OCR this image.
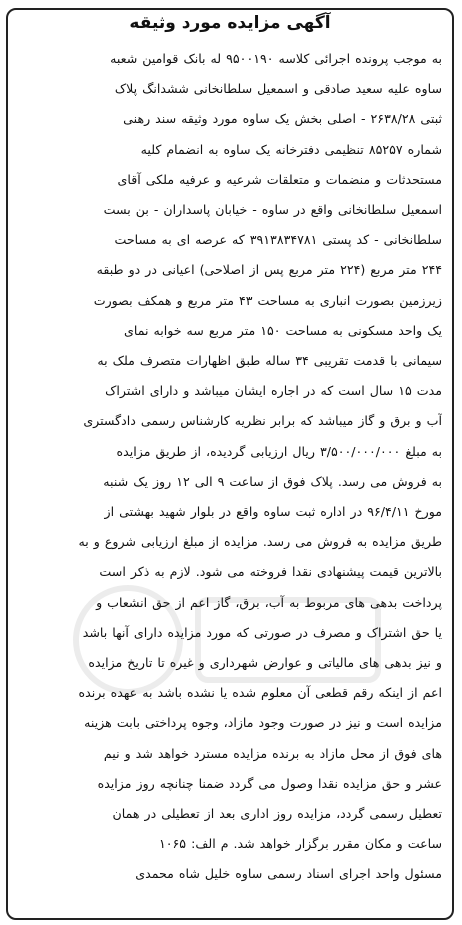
آگهی مزایده مورد وثیقه
به موجب پرونده اجرائی کلاسه ۹۵۰۰۱۹۰ له بانک قوامین شعبه
ساوه علیه سعید صادقی و اسمعیل سلطانخانی ششدانگ پلاک
ثبتی ۲۶۳۸/۲۸ - اصلی بخش یک ساوه مورد وثیقه سند رهنی
شماره ۸۵۲۵۷ تنظیمی دفترخانه یک ساوه به انضمام کلیه
مستحدثات و منضمات و متعلقات شرعیه و عرفیه ملکی آقای
اسمعیل سلطانخانی واقع در ساوه - خیابان پاسداران - بن بست
سلطانخانی - کد پستی ۳۹۱۳۸۳۴۷۸۱ که عرصه ای به مساحت
۲۴۴ متر مربع (۲۲۴ متر مربع پس از اصلاحی) اعیانی در دو طبقه
زیرزمین بصورت انباری به مساحت ۴۳ متر مربع و همکف بصورت
یک واحد مسکونی به مساحت ۱۵۰ متر مربع سه خوابه نمای
سیمانی با قدمت تقریبی ۳۴ ساله طبق اظهارات متصرف ملک به
مدت ۱۵ سال است که در اجاره ایشان میباشد و دارای اشتراک
آب و برق و گاز میباشد که برابر نظریه کارشناس رسمی دادگستری
به مبلغ ۳/۵۰۰/۰۰۰/۰۰۰ ریال ارزیابی گردیده، از طریق مزایده
به فروش می رسد. پلاک فوق از ساعت ۹ الی ۱۲ روز یک شنبه
مورخ ۹۶/۴/۱۱ در اداره ثبت ساوه واقع در بلوار شهید بهشتی از
طریق مزایده به فروش می رسد. مزایده از مبلغ ارزیابی شروع و به
بالاترین قیمت پیشنهادی نقدا فروخته می شود. لازم به ذکر است
پرداخت بدهی های مربوط به آب، برق، گاز اعم از حق انشعاب و
یا حق اشتراک و مصرف در صورتی که مورد مزایده دارای آنها باشد
و نیز بدهی های مالیاتی و عوارض شهرداری و غیره تا تاریخ مزایده
اعم از اینکه رقم قطعی آن معلوم شده یا نشده باشد به عهده برنده
مزایده است و نیز در صورت وجود مازاد، وجوه پرداختی بابت هزینه
های فوق از محل مازاد به برنده مزایده مسترد خواهد شد و نیم
عشر و حق مزایده نقدا وصول می گردد ضمنا چنانچه روز مزایده
تعطیل رسمی گردد، مزایده روز اداری بعد از تعطیلی در همان
ساعت و مکان مقرر برگزار خواهد شد. م الف: ۱۰۶۵
مسئول واحد اجرای اسناد رسمی ساوه خلیل شاه محمدی
